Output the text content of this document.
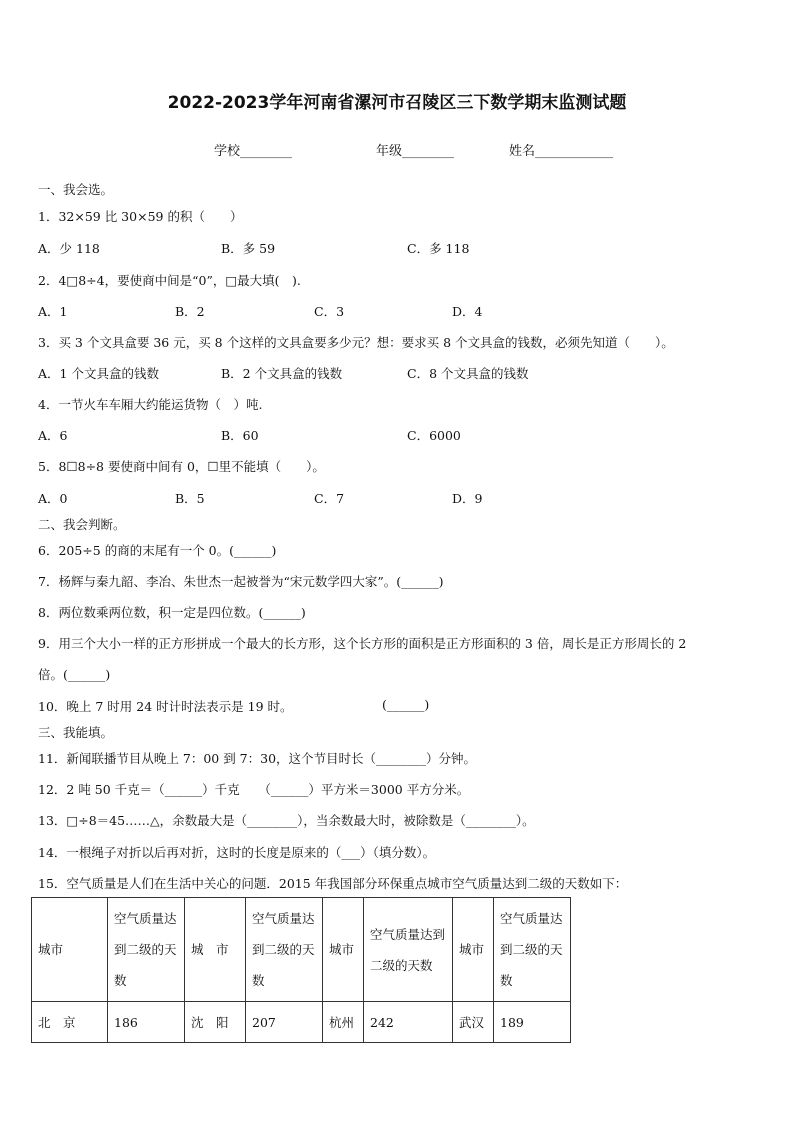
2022-2023学年河南省漯河市召陵区三下数学期末监测试题
学校________	年级________	姓名____________
一、我会选。
1．32×59 比 30×59 的积（　　）
A．少 118	B．多 59	C．多 118
2．4□8÷4，要使商中间是“0”，□最大填(　).
A．1	B．2	C．3	D．4
3．买 3 个文具盒要 36 元，买 8 个这样的文具盒要多少元？想：要求买 8 个文具盒的钱数，必须先知道（　　）。
A．1 个文具盒的钱数	B．2 个文具盒的钱数	C．8 个文具盒的钱数
4．一节火车车厢大约能运货物（　）吨.
A．6	B．60	C．6000
5．8☐8÷8 要使商中间有 0，☐里不能填（　　）。
A．0	B．5	C．7	D．9
二、我会判断。
6．205÷5 的商的末尾有一个 0。(______)
7．杨辉与秦九韶、李冶、朱世杰一起被誉为“宋元数学四大家”。(______)
8．两位数乘两位数，积一定是四位数。(______)
9．用三个大小一样的正方形拼成一个最大的长方形，这个长方形的面积是正方形面积的 3 倍，周长是正方形周长的 2
倍。(______)
10．晚上 7 时用 24 时计时法表示是 19 时。	(______)
三、我能填。
11．新闻联播节目从晚上 7：00 到 7：30，这个节目时长（________）分钟。
12．2 吨 50 千克＝（______）千克　　（______）平方米＝3000 平方分米。
13．□÷8＝45……△，余数最大是（________），当余数最大时，被除数是（________）。
14．一根绳子对折以后再对折，这时的长度是原来的（___）（填分数）。
15．空气质量是人们在生活中关心的问题．2015 年我国部分环保重点城市空气质量达到二级的天数如下：
城市	空气质量达到二级的天数	城　市	空气质量达到二级的天数	城市	空气质量达到二级的天数	城市	空气质量达到二级的天数
北　京	186	沈　阳	207	杭州	242	武汉	189
